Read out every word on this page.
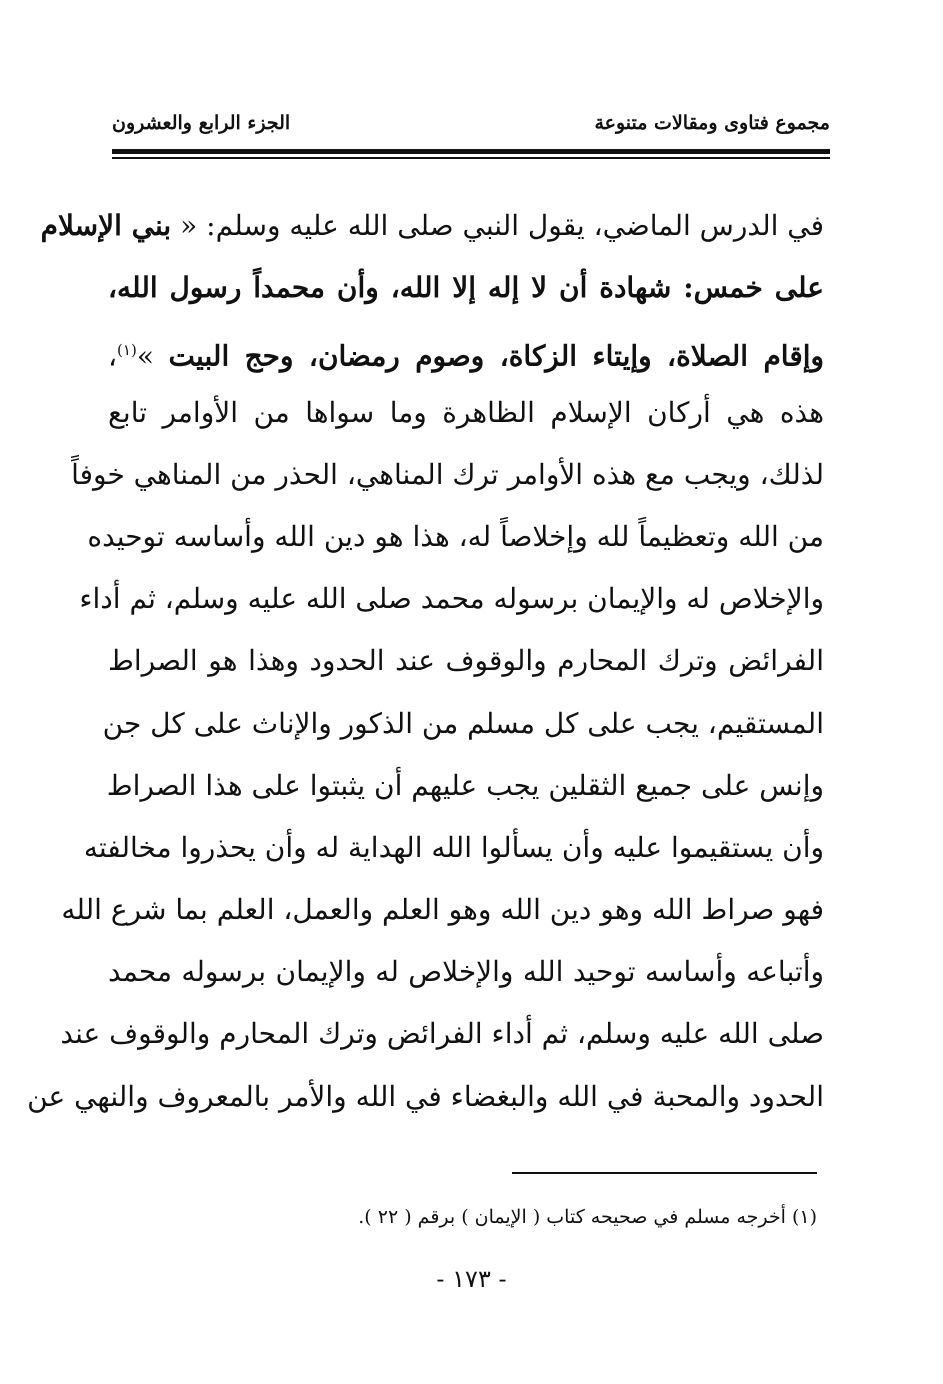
مجموع فتاوى ومقالات متنوعة
الجزء الرابع والعشرون
في الدرس الماضي، يقول النبي صلى الله عليه وسلم: « بني الإسلام
على خمس: شهادة أن لا إله إلا الله، وأن محمداً رسول الله،
وإقام الصلاة، وإيتاء الزكاة، وصوم رمضان، وحج البيت »$^{(١)}$،
هذه هي أركان الإسلام الظاهرة وما سواها من الأوامر تابع
لذلك، ويجب مع هذه الأوامر ترك المناهي، الحذر من المناهي خوفاً
من الله وتعظيماً لله وإخلاصاً له، هذا هو دين الله وأساسه توحيده
والإخلاص له والإيمان برسوله محمد صلى الله عليه وسلم، ثم أداء
الفرائض وترك المحارم والوقوف عند الحدود وهذا هو الصراط
المستقيم، يجب على كل مسلم من الذكور والإناث على كل جن
وإنس على جميع الثقلين يجب عليهم أن يثبتوا على هذا الصراط
وأن يستقيموا عليه وأن يسألوا الله الهداية له وأن يحذروا مخالفته
فهو صراط الله وهو دين الله وهو العلم والعمل، العلم بما شرع الله
وأتباعه وأساسه توحيد الله والإخلاص له والإيمان برسوله محمد
صلى الله عليه وسلم، ثم أداء الفرائض وترك المحارم والوقوف عند
الحدود والمحبة في الله والبغضاء في الله والأمر بالمعروف والنهي عن
(١) أخرجه مسلم في صحيحه كتاب ( الإيمان ) برقم ( ٢٢ ).
- ١٧٣ -
